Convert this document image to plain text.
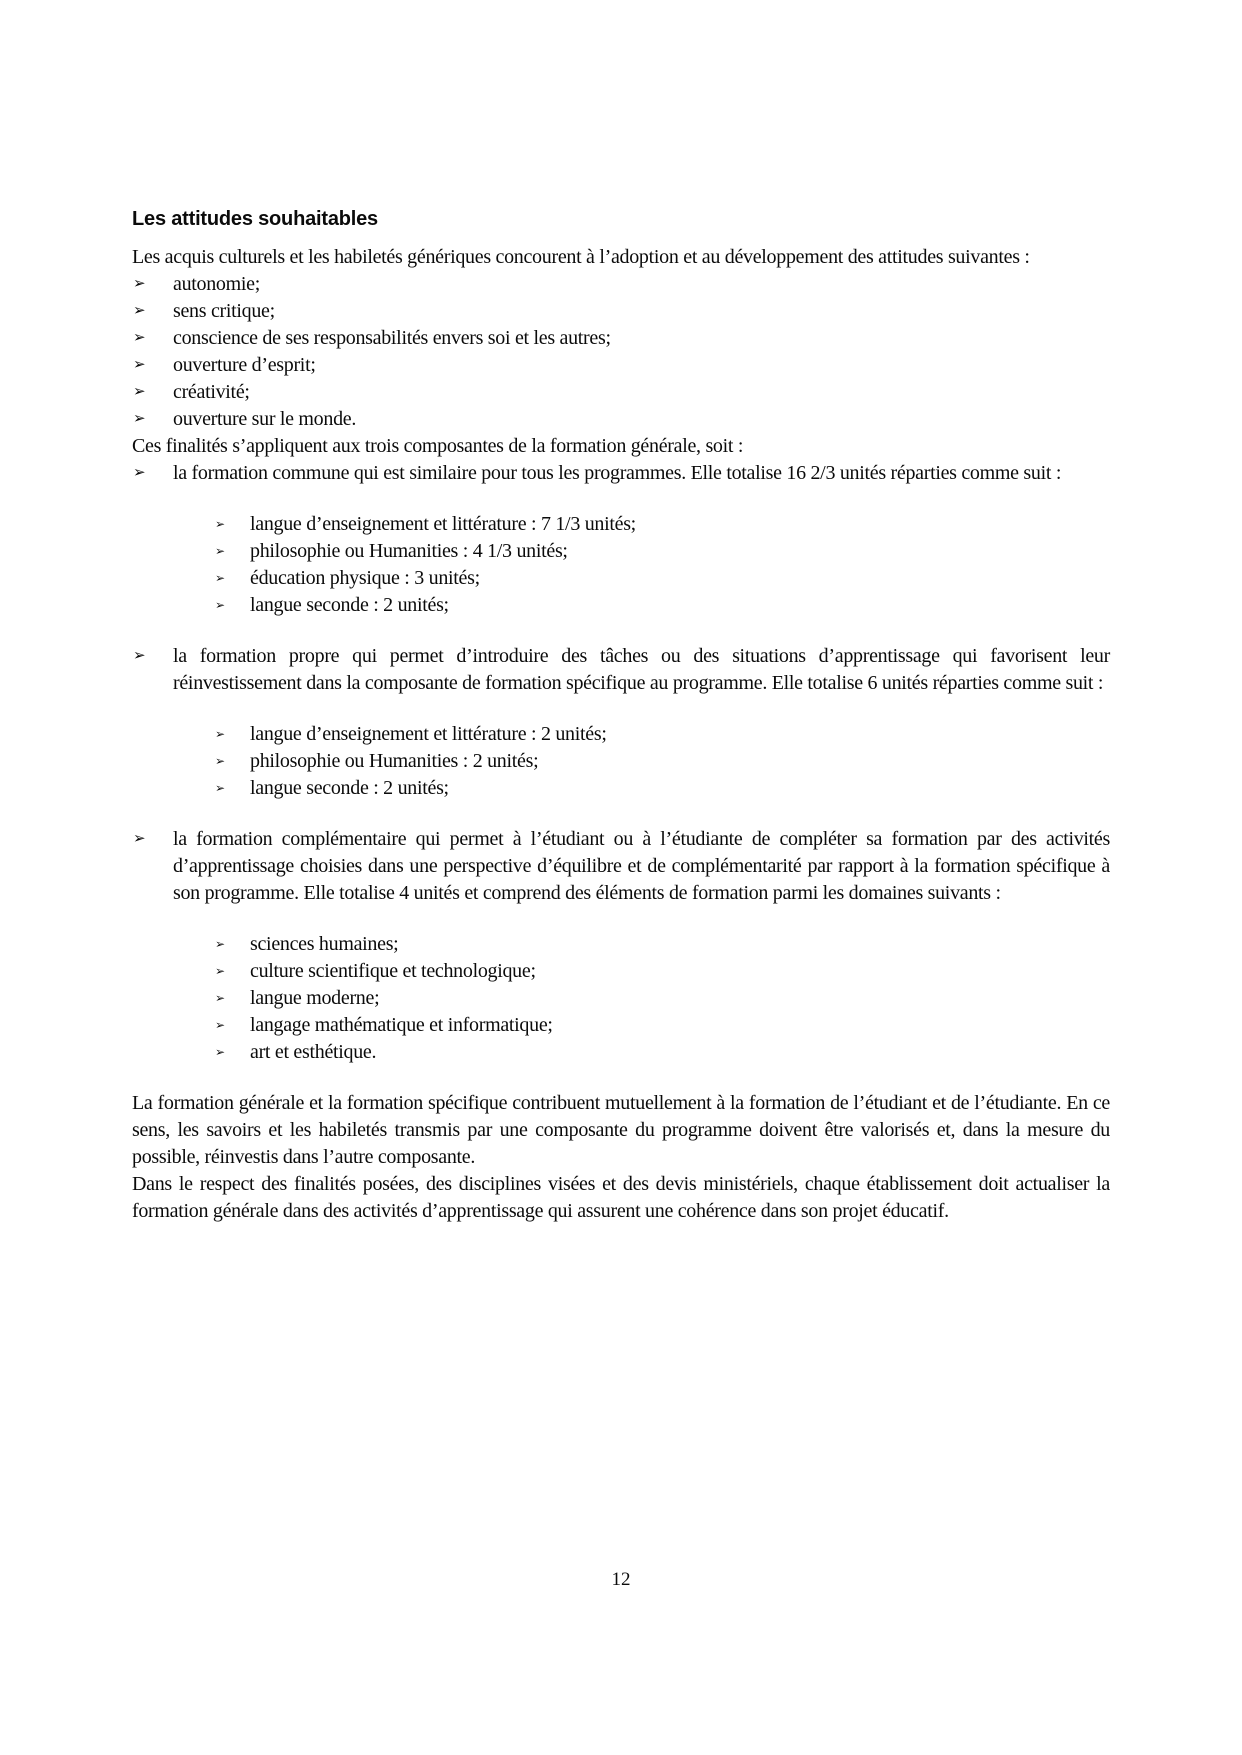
Les attitudes souhaitables

Les acquis culturels et les habiletés génériques concourent à l’adoption et au développement des attitudes suivantes :

➢ autonomie;
➢ sens critique;
➢ conscience de ses responsabilités envers soi et les autres;
➢ ouverture d’esprit;
➢ créativité;
➢ ouverture sur le monde.

Ces finalités s’appliquent aux trois composantes de la formation générale, soit :

➢ la formation commune qui est similaire pour tous les programmes. Elle totalise 16 2/3 unités réparties comme suit :

➢ langue d’enseignement et littérature : 7 1/3 unités;
➢ philosophie ou Humanities : 4 1/3 unités;
➢ éducation physique : 3 unités;
➢ langue seconde : 2 unités;
➢ la formation propre qui permet d’introduire des tâches ou des situations d’apprentissage qui favorisent leur réinvestissement dans la composante de formation spécifique au programme. Elle totalise 6 unités réparties comme suit :

➢ langue d’enseignement et littérature : 2 unités;
➢ philosophie ou Humanities : 2 unités;
➢ langue seconde : 2 unités;
➢ la formation complémentaire qui permet à l’étudiant ou à l’étudiante de compléter sa formation par des activités d’apprentissage choisies dans une perspective d’équilibre et de complémentarité par rapport à la formation spécifique à son programme. Elle totalise 4 unités et comprend des éléments de formation parmi les domaines suivants :

➢ sciences humaines;
➢ culture scientifique et technologique;
➢ langue moderne;
➢ langage mathématique et informatique;
➢ art et esthétique.

La formation générale et la formation spécifique contribuent mutuellement à la formation de l’étudiant et de l’étudiante. En ce sens, les savoirs et les habiletés transmis par une composante du programme doivent être valorisés et, dans la mesure du possible, réinvestis dans l’autre composante.

Dans le respect des finalités posées, des disciplines visées et des devis ministériels, chaque établissement doit actualiser la formation générale dans des activités d’apprentissage qui assurent une cohérence dans son projet éducatif.

12
